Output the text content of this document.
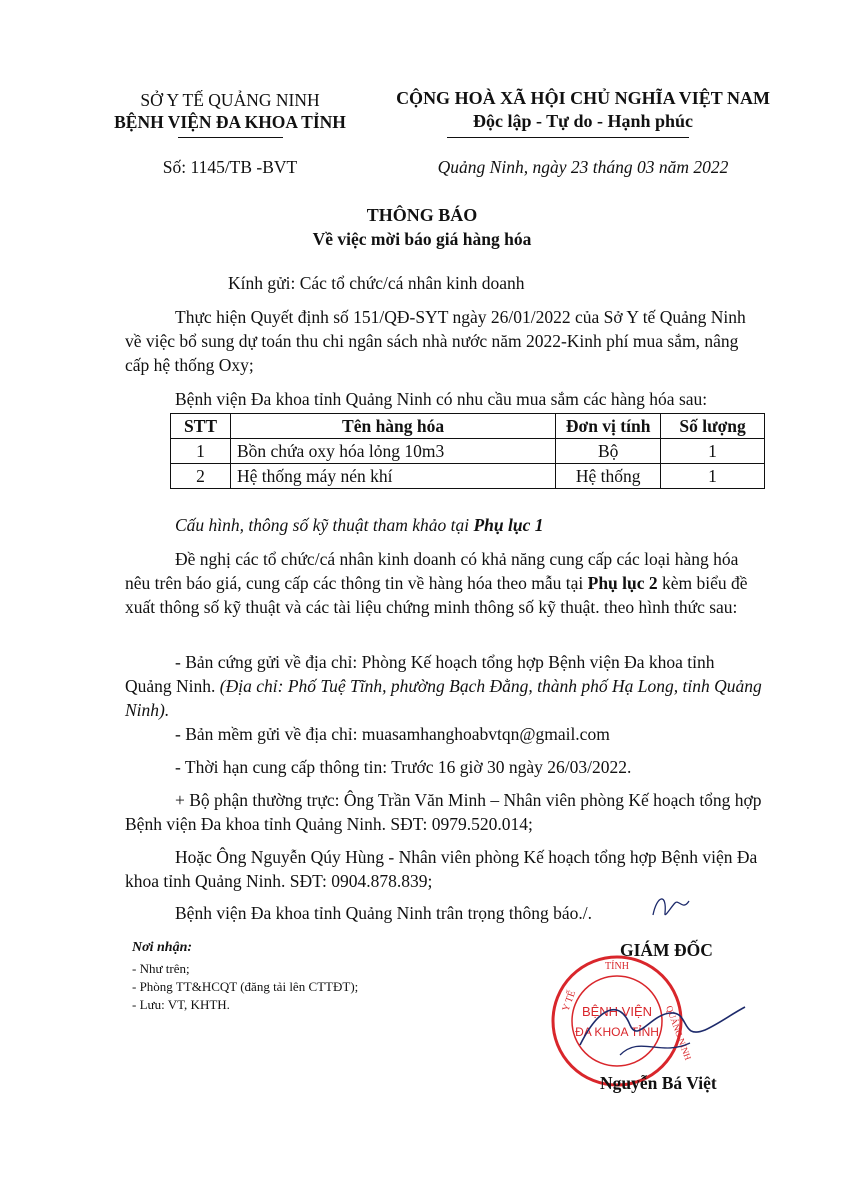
SỞ Y TẾ QUẢNG NINH
BỆNH VIỆN ĐA KHOA TỈNH
Số: 1145/TB -BVT
CỘNG HOÀ XÃ HỘI CHỦ NGHĨA VIỆT NAM
Độc lập - Tự do - Hạnh phúc
Quảng Ninh, ngày 23 tháng 03 năm 2022
THÔNG BÁO
Về việc mời báo giá hàng hóa
Kính gửi: Các tổ chức/cá nhân kinh doanh

Thực hiện Quyết định số 151/QĐ-SYT ngày 26/01/2022 của Sở Y tế Quảng Ninh về việc bổ sung dự toán thu chi ngân sách nhà nước năm 2022-Kinh phí mua sắm, nâng cấp hệ thống Oxy;

Bệnh viện Đa khoa tỉnh Quảng Ninh có nhu cầu mua sắm các hàng hóa sau:

STT	Tên hàng hóa	Đơn vị tính	Số lượng
1	Bồn chứa oxy hóa lỏng 10m3	Bộ	1
2	Hệ thống máy nén khí	Hệ thống	1
Cấu hình, thông số kỹ thuật tham khảo tại Phụ lục 1

Đề nghị các tổ chức/cá nhân kinh doanh có khả năng cung cấp các loại hàng hóa nêu trên báo giá, cung cấp các thông tin về hàng hóa theo mẫu tại Phụ lục 2 kèm biểu đề xuất thông số kỹ thuật và các tài liệu chứng minh thông số kỹ thuật. theo hình thức sau:

- Bản cứng gửi về địa chỉ: Phòng Kế hoạch tổng hợp Bệnh viện Đa khoa tỉnh Quảng Ninh. (Địa chỉ: Phố Tuệ Tĩnh, phường Bạch Đằng, thành phố Hạ Long, tỉnh Quảng Ninh).

- Bản mềm gửi về địa chỉ: muasamhanghoabvtqn@gmail.com

- Thời hạn cung cấp thông tin: Trước 16 giờ 30 ngày 26/03/2022.

+ Bộ phận thường trực: Ông Trần Văn Minh – Nhân viên phòng Kế hoạch tổng hợp Bệnh viện Đa khoa tỉnh Quảng Ninh. SĐT: 0979.520.014;

Hoặc Ông Nguyễn Qúy Hùng - Nhân viên phòng Kế hoạch tổng hợp Bệnh viện Đa khoa tỉnh Quảng Ninh. SĐT: 0904.878.839;

Bệnh viện Đa khoa tỉnh Quảng Ninh trân trọng thông báo./.

Nơi nhận:
- Như trên;
- Phòng TT&HCQT (đăng tải lên CTTĐT);
- Lưu: VT, KHTH.
GIÁM ĐỐC
TỈNH
Y TẾ
QUẢNG NINH
BỆNH VIỆN
ĐA KHOA TỈNH
Nguyễn Bá Việt
